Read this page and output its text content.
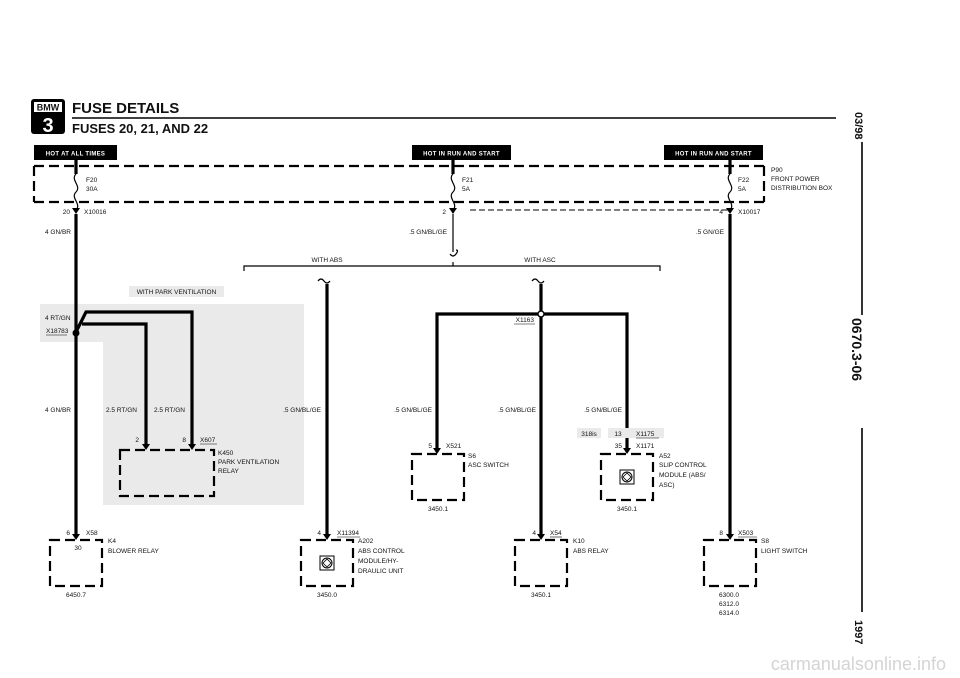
BMW
3
FUSE DETAILS
FUSES 20, 21, AND 22	03/98
0670.3-06
1997
HOT AT ALL TIMES	HOT IN RUN AND START	HOT IN RUN AND START
P90
FRONT POWER
DISTRIBUTION BOX
F20
30A
20 X10016
4 GN/BR
F21
5A
2
.5 GN/BL/GE
F22
5A
4 X10017
.5 GN/GE
WITH PARK VENTILATION
4 RT/GN
X18783
4 GN/BR	2.5 RT/GN	2.5 RT/GN
2	8 X607
WITH ABS	WITH ASC
.5 GN/BL/GE
X1163
.5 GN/BL/GE	.5 GN/BL/GE	.5 GN/BL/GE
K450
PARK VENTILATION
RELAY
5 X521
S6
ASC SWITCH
3450.1
318is	13 X1175
35 X1171
A52
SLIP CONTROL
MODULE (ABS/
ASC)
3450.1
6 X58
30
K4
BLOWER RELAY
6450.7
4 X11394
A202
ABS CONTROL
MODULE/HY-
DRAULIC UNIT
3450.0
4 X54
K10
ABS RELAY
3450.1
8 X503
S8
LIGHT SWITCH
6300.0
6312.0
6314.0
carmanualsonline.info
